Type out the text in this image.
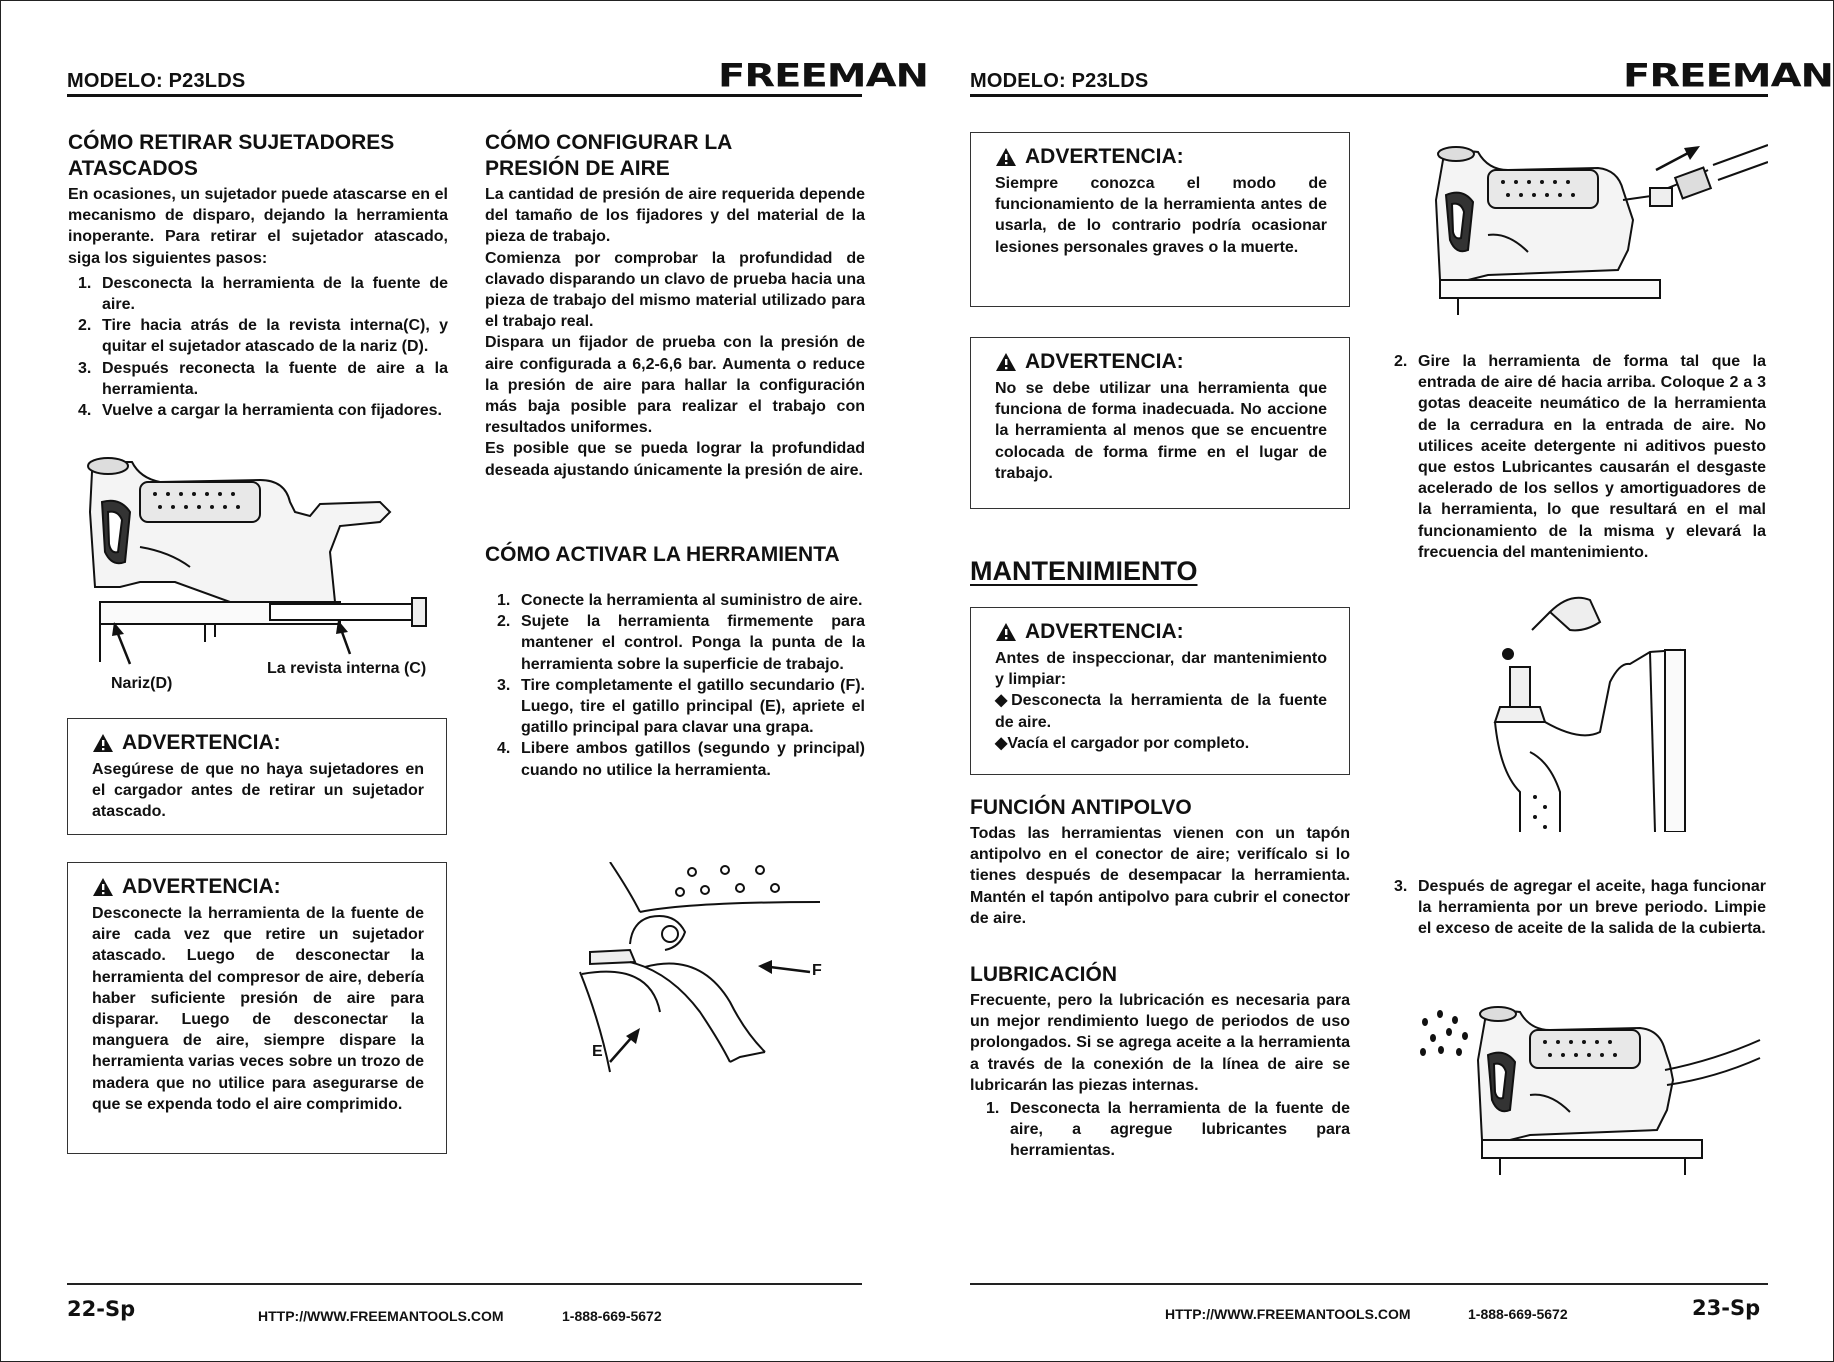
MODELO: P23LDS	FREEMAN MODELO: P23LDS	FREEMAN
CÓMO RETIRAR SUJETADORES
ATASCADOS

En ocasiones, un sujetador puede atascarse en el mecanismo de disparo, dejando la herramienta inoperante. Para retirar el sujetador atascado, siga los siguientes pasos:

1. Desconecta la herramienta de la fuente de aire.
2. Tire hacia atrás de la revista interna(C), y quitar el sujetador atascado de la nariz (D).
3. Después reconecta la fuente de aire a la herramienta.
4. Vuelve a cargar la herramienta con fijadores.
Nariz(D)
La revista interna (C)
ADVERTENCIA:

Asegúrese de que no haya sujetadores en el cargador antes de retirar un sujetador atascado.

ADVERTENCIA:

Desconecte la herramienta de la fuente de aire cada vez que retire un sujetador atascado. Luego de desconectar la herramienta del compresor de aire, debería haber suficiente presión de aire para disparar. Luego de desconectar la manguera de aire, siempre dispare la herramienta varias veces sobre un trozo de madera que no utilice para asegurarse de que se expenda todo el aire comprimido.

CÓMO CONFIGURAR LA
PRESIÓN DE AIRE

La cantidad de presión de aire requerida depende del tamaño de los fijadores y del material de la pieza de trabajo.

Comienza por comprobar la profundidad de clavado disparando un clavo de prueba hacia una pieza de trabajo del mismo material utilizado para el trabajo real.

Dispara un fijador de prueba con la presión de aire configurada a 6,2-6,6 bar. Aumenta o reduce la presión de aire para hallar la configuración más baja posible para realizar el trabajo con resultados uniformes.

Es posible que se pueda lograr la profundidad deseada ajustando únicamente la presión de aire.

CÓMO ACTIVAR LA HERRAMIENTA
1. Conecte la herramienta al suministro de aire.
2. Sujete la herramienta firmemente para mantener el control. Ponga la punta de la herramienta sobre la superficie de trabajo.
3. Tire completamente el gatillo secundario (F). Luego, tire el gatillo principal (E), apriete el gatillo principal para clavar una grapa.
4. Libere ambos gatillos (segundo y principal) cuando no utilice la herramienta.
F
E
22-Sp	HTTP://WWW.FREEMANTOOLS.COM	1-888-669-5672
ADVERTENCIA:

Siempre conozca el modo de funcionamiento de la herramienta antes de usarla, de lo contrario podría ocasionar lesiones personales graves o la muerte.

ADVERTENCIA:

No se debe utilizar una herramienta que funciona de forma inadecuada. No accione la herramienta al menos que se encuentre colocada de forma firme en el lugar de trabajo.

MANTENIMIENTO
ADVERTENCIA:

Antes de inspeccionar, dar mantenimiento y limpiar:

◆Desconecta la herramienta de la fuente de aire.

◆Vacía el cargador por completo.

FUNCIÓN ANTIPOLVO

Todas las herramientas vienen con un tapón antipolvo en el conector de aire; verifícalo si lo tienes después de desempacar la herramienta. Mantén el tapón antipolvo para cubrir el conector de aire.

LUBRICACIÓN

Frecuente, pero la lubricación es necesaria para un mejor rendimiento luego de periodos de uso prolongados. Si se agrega aceite a la herramienta a través de la conexión de la línea de aire se lubricarán las piezas internas.

1. Desconecta la herramienta de la fuente de aire, a agregue lubricantes para herramientas.
2. Gire la herramienta de forma tal que la entrada de aire dé hacia arriba. Coloque 2 a 3 gotas deaceite neumático de la herramienta de la cerradura en la entrada de aire. No utilices aceite detergente ni aditivos puesto que estos Lubricantes causarán el desgaste acelerado de los sellos y amortiguadores de la herramienta, lo que resultará en el mal funcionamiento de la misma y elevará la frecuencia del mantenimiento.
3. Después de agregar el aceite, haga funcionar la herramienta por un breve periodo. Limpie el exceso de aceite de la salida de la cubierta.
HTTP://WWW.FREEMANTOOLS.COM	1-888-669-5672	23-Sp
